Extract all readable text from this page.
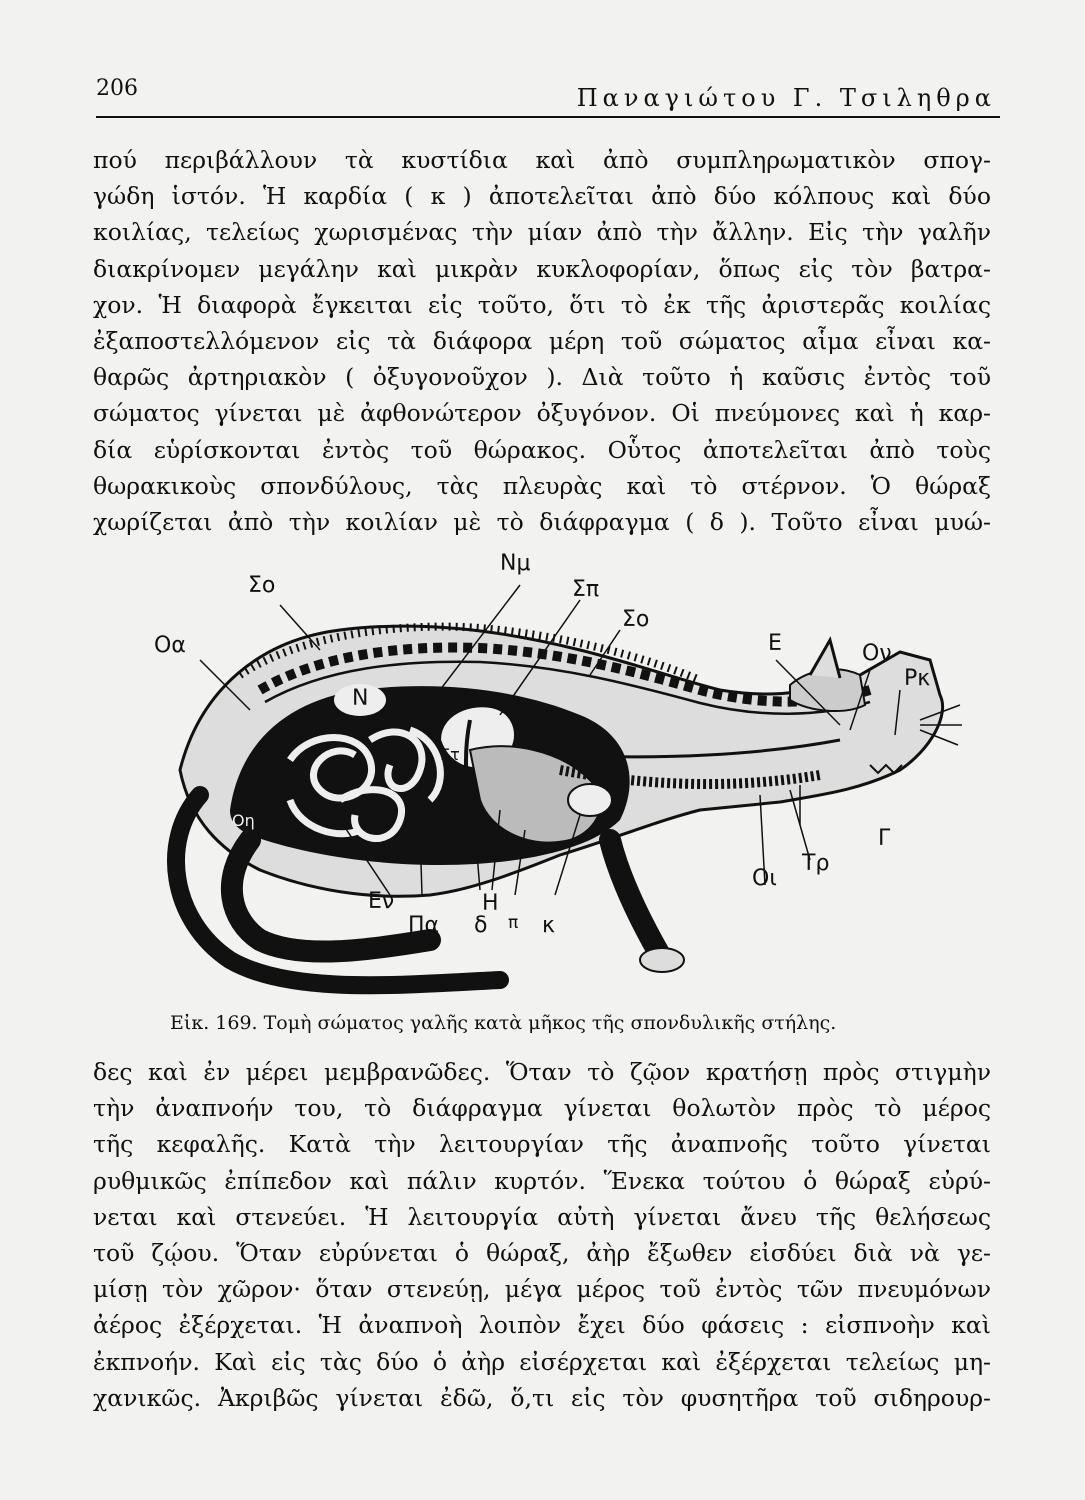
206	Παναγιώτου Γ. Τσιληθρα
πού περιβάλλουν τὰ κυστίδια καὶ ἀπὸ συμπληρωματικὸν σπογ-
γώδη ἱστόν. Ἡ καρδία ( κ ) ἀποτελεῖται ἀπὸ δύο κόλπους καὶ δύο
κοιλίας, τελείως χωρισμένας τὴν μίαν ἀπὸ τὴν ἄλλην. Εἰς τὴν γαλῆν
διακρίνομεν μεγάλην καὶ μικρὰν κυκλοφορίαν, ὅπως εἰς τὸν βατρα-
χον. Ἡ διαφορὰ ἔγκειται εἰς τοῦτο, ὅτι τὸ ἐκ τῆς ἀριστερᾶς κοιλίας
ἐξαποστελλόμενον εἰς τὰ διάφορα μέρη τοῦ σώματος αἷμα εἶναι κα-
θαρῶς ἀρτηριακὸν ( ὀξυγονοῦχον ). Διὰ τοῦτο ἡ καῦσις ἐντὸς τοῦ
σώματος γίνεται μὲ ἀφθονώτερον ὀξυγόνον. Οἱ πνεύμονες καὶ ἡ καρ-
δία εὑρίσκονται ἐντὸς τοῦ θώρακος. Οὗτος ἀποτελεῖται ἀπὸ τοὺς
θωρακικοὺς σπονδύλους, τὰς πλευρὰς καὶ τὸ στέρνον. Ὁ θώραξ
χωρίζεται ἀπὸ τὴν κοιλίαν μὲ τὸ διάφραγμα ( δ ). Τοῦτο εἶναι μυώ-
Νμ
Σο	Σπ
Σο
Οα
Ν
Στ
Οη
Ε	Ον
Ρκ
Γ
Τρ
Οι
Εν
Πα δ
Η
π κ
Εἰκ. 169. Τομὴ σώματος γαλῆς κατὰ μῆκος τῆς σπονδυλικῆς στήλης.
δες καὶ ἐν μέρει μεμβρανῶδες. Ὅταν τὸ ζῷον κρατήσῃ πρὸς στιγμὴν
τὴν ἀναπνοήν του, τὸ διάφραγμα γίνεται θολωτὸν πρὸς τὸ μέρος
τῆς κεφαλῆς. Κατὰ τὴν λειτουργίαν τῆς ἀναπνοῆς τοῦτο γίνεται
ρυθμικῶς ἐπίπεδον καὶ πάλιν κυρτόν. Ἕνεκα τούτου ὁ θώραξ εὐρύ-
νεται καὶ στενεύει. Ἡ λειτουργία αὐτὴ γίνεται ἄνευ τῆς θελήσεως
τοῦ ζῴου. Ὅταν εὐρύνεται ὁ θώραξ, ἀὴρ ἔξωθεν εἰσδύει διὰ νὰ γε-
μίσῃ τὸν χῶρον· ὅταν στενεύῃ, μέγα μέρος τοῦ ἐντὸς τῶν πνευμόνων
ἀέρος ἐξέρχεται. Ἡ ἀναπνοὴ λοιπὸν ἔχει δύο φάσεις : εἰσπνοὴν καὶ
ἐκπνοήν. Καὶ εἰς τὰς δύο ὁ ἀὴρ εἰσέρχεται καὶ ἐξέρχεται τελείως μη-
χανικῶς. Ἀκριβῶς γίνεται ἐδῶ, ὅ,τι εἰς τὸν φυσητῆρα τοῦ σιδηρουρ-
